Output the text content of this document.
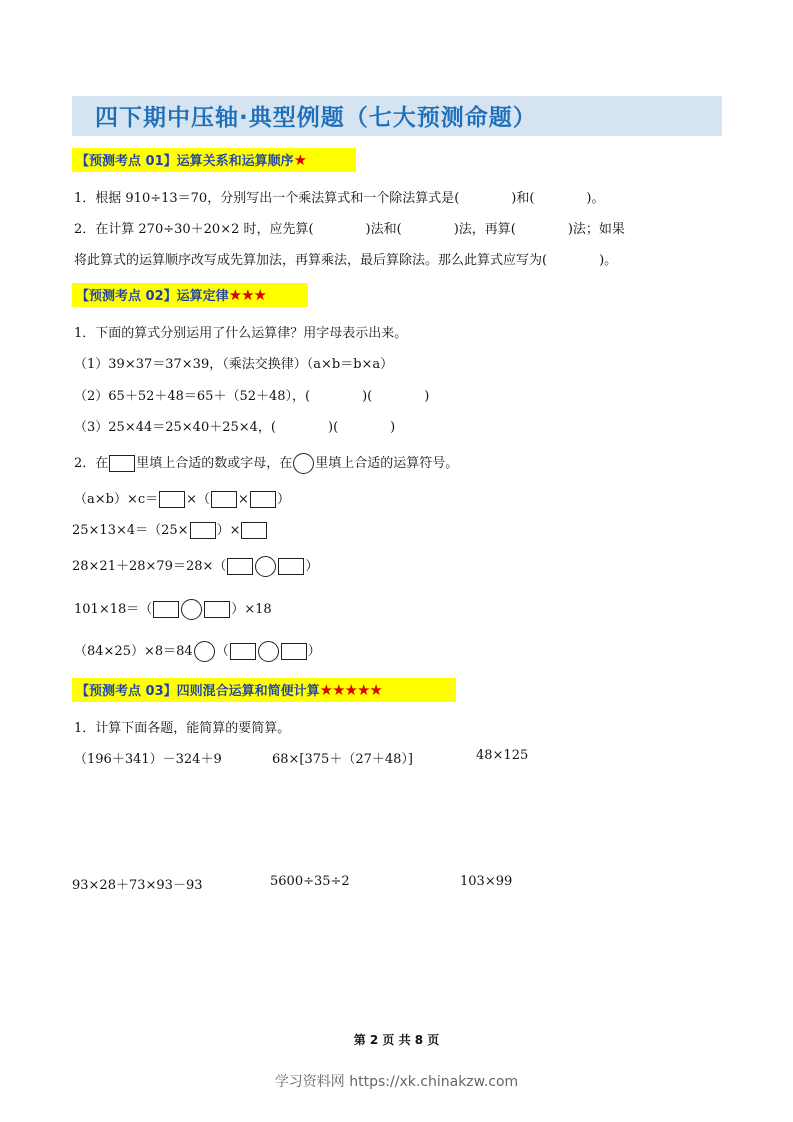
四下期中压轴·典型例题（七大预测命题）
【预测考点 01】运算关系和运算顺序★
1．根据 910÷13＝70，分别写出一个乘法算式和一个除法算式是(　　　　)和(　　　　)。
2．在计算 270÷30＋20×2 时，应先算(　　　　)法和(　　　　)法，再算(　　　　)法；如果
将此算式的运算顺序改写成先算加法，再算乘法，最后算除法。那么此算式应写为(　　　　)。
【预测考点 02】运算定律★★★
1．下面的算式分别运用了什么运算律？用字母表示出来。
（1）39×37＝37×39，（乘法交换律）（a×b＝b×a）
（2）65＋52＋48＝65＋（52＋48），(　　　　)(　　　　)
（3）25×44＝25×40＋25×4，(　　　　)(　　　　)
2．在 里填上合适的数或字母，在 里填上合适的运算符号。
（a×b）×c＝ ×（ × ）
25×13×4＝（25× ）×
28×21＋28×79＝28×（	）
101×18＝（	）×18
（84×25）×8＝84 （	）
【预测考点 03】四则混合运算和简便计算★★★★★
1．计算下面各题，能简算的要简算。
（196＋341）－324＋9	68×[375＋（27＋48）]	48×125
93×28＋73×93－93	5600÷35÷2	103×99
第 2 页 共 8 页
学习资料网 https://xk.chinakzw.com
